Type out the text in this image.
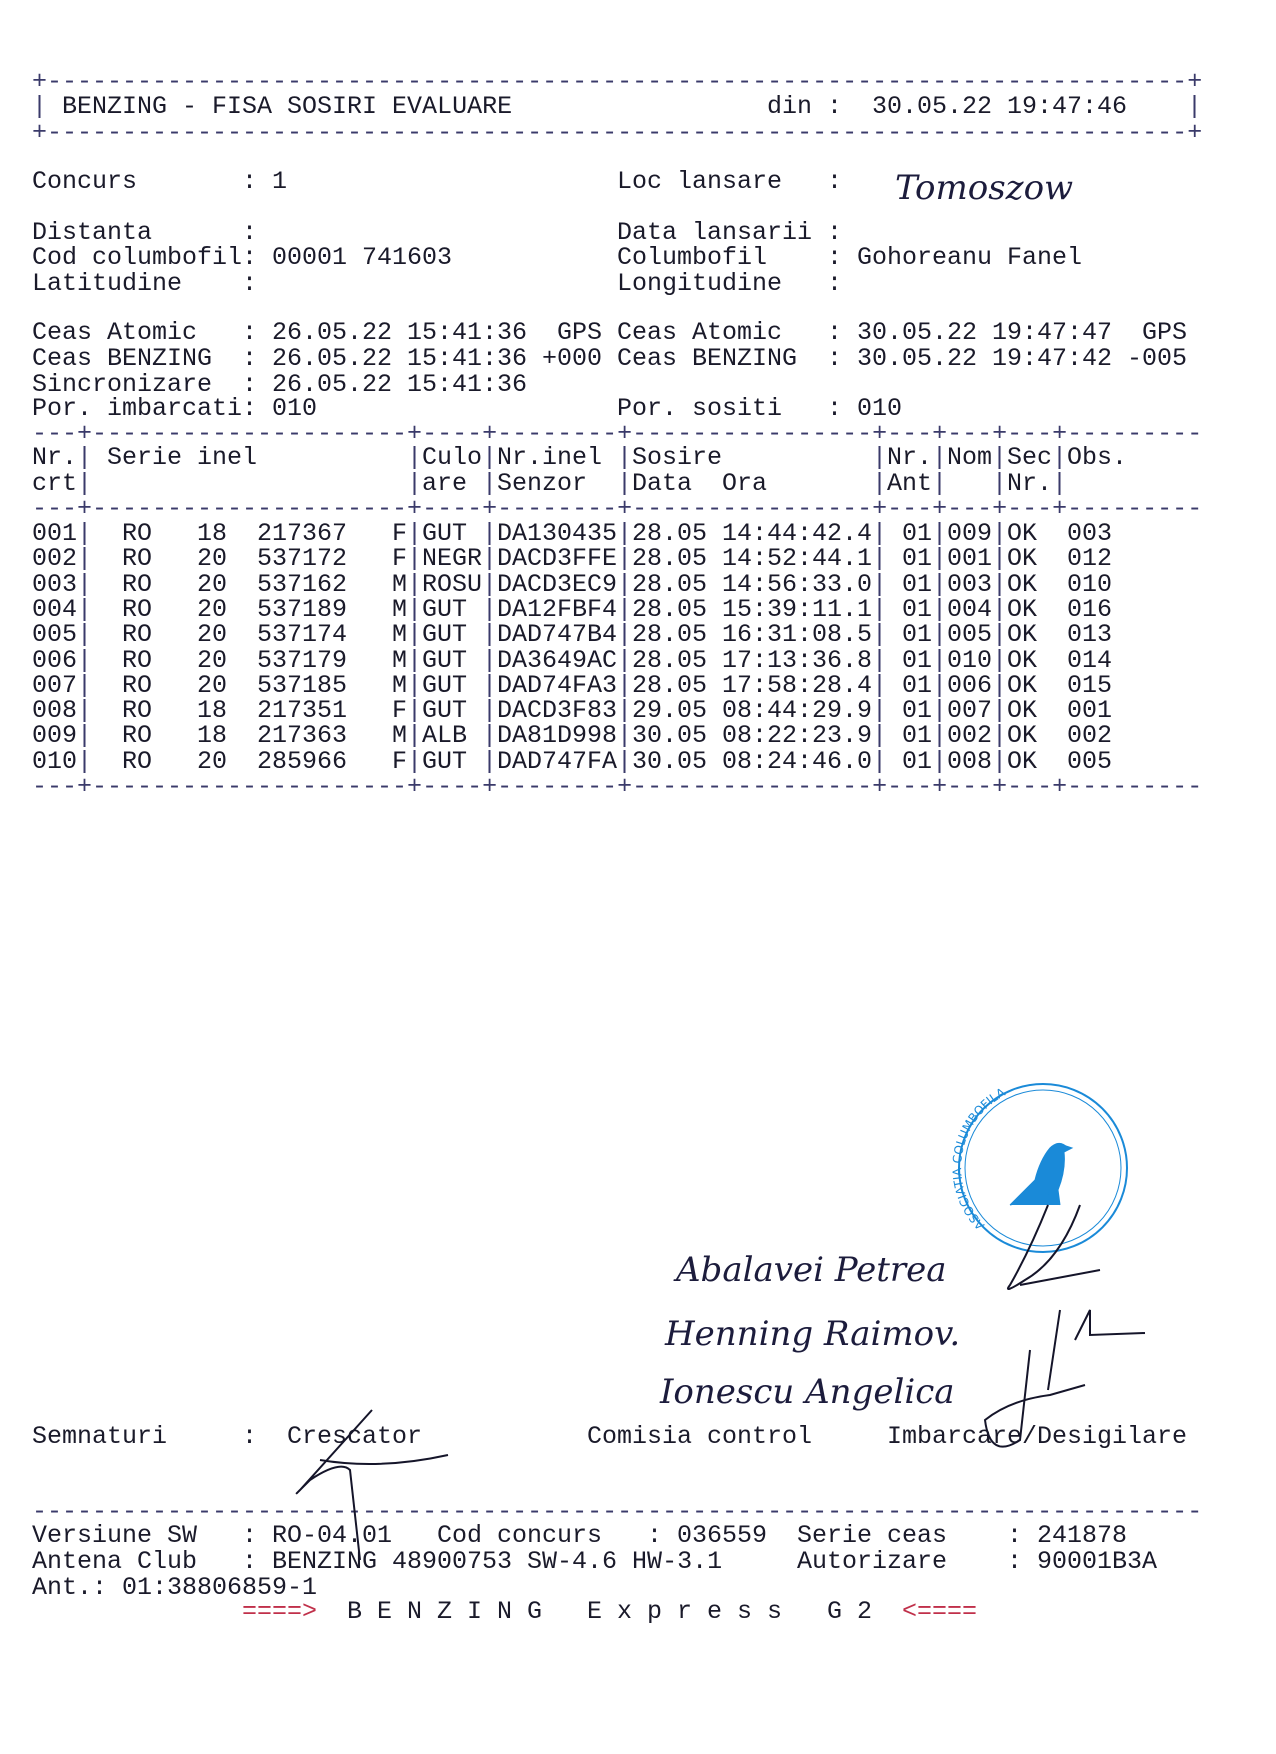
+----------------------------------------------------------------------------+
|	|
BENZING - FISA SOSIRI EVALUARE	din : 30.05.22 19:47:46
+----------------------------------------------------------------------------+
Concurs	: 1
Distanta	:
Cod columbofil : 00001 741603
Latitudine :
Loc lansare : Tomoszow
Data lansarii :
Columbofil : Gohoreanu Fanel
Longitudine :
Ceas Atomic : 26.05.22 15:41:36 GPS
Ceas BENZING : 26.05.22 15:41:36 +000
Sincronizare : 26.05.22 15:41:36
Por. imbarcati : 010
Ceas Atomic : 30.05.22 19:47:47 GPS
Ceas BENZING : 30.05.22 19:47:42 -005
Por. sositi : 010
---+---------------------+----+--------+----------------+---+---+---+---------
Nr. Serie inel	Culo Nr.inel Sosire	Nr. Nom Sec Obs.
|	| |	|	| | | |
crt	are Senzor Data  Ora	Ant	Nr.
|	| |	|	| | | |
---+---------------------+----+--------+----------------+---+---+---+---------
001 RO 18 217367 F GUT DA130435 28.05 14:44:42.4 01 009 OK 003
|	| |	|	| | |
002 RO 20 537172 F NEGR DACD3FFE 28.05 14:52:44.1 01 001 OK 012
|	| |	|	| | |
003 RO 20 537162 M ROSU DACD3EC9 28.05 14:56:33.0 01 003 OK 010
|	| |	|	| | |
004 RO 20 537189 M GUT DA12FBF4 28.05 15:39:11.1 01 004 OK 016
|	| |	|	| | |
005 RO 20 537174 M GUT DAD747B4 28.05 16:31:08.5 01 005 OK 013
|	| |	|	| | |
006 RO 20 537179 M GUT DA3649AC 28.05 17:13:36.8 01 010 OK 014
|	| |	|	| | |
007 RO 20 537185 M GUT DAD74FA3 28.05 17:58:28.4 01 006 OK 015
|	| |	|	| | |
008 RO 18 217351 F GUT DACD3F83 29.05 08:44:29.9 01 007 OK 001
|	| |	|	| | |
009 RO 18 217363 M ALB DA81D998 30.05 08:22:23.9 01 002 OK 002
|	| |	|	| | |
010 RO 20 285966 F GUT DAD747FA 30.05 08:24:46.0 01 008 OK 005
|	| |	|	| | |
---+---------------------+----+--------+----------------+---+---+---+---------
Semnaturi	: Crescator	Comisia control	Imbarcare/Desigilare
Abalavei Petrea
Henning Raimov.
Ionescu Angelica
------------------------------------------------------------------------------
Versiune SW : RO-04.01 Cod concurs : 036559 Serie ceas : 241878
Antena Club : BENZING 48900753 SW-4.6 HW-3.1	Autorizare : 90001B3A
Ant.: 01:38806859-1
====> B E N Z I N G E x p r e s s G 2 <====
ASOCIATIA COLUMBOFILA
